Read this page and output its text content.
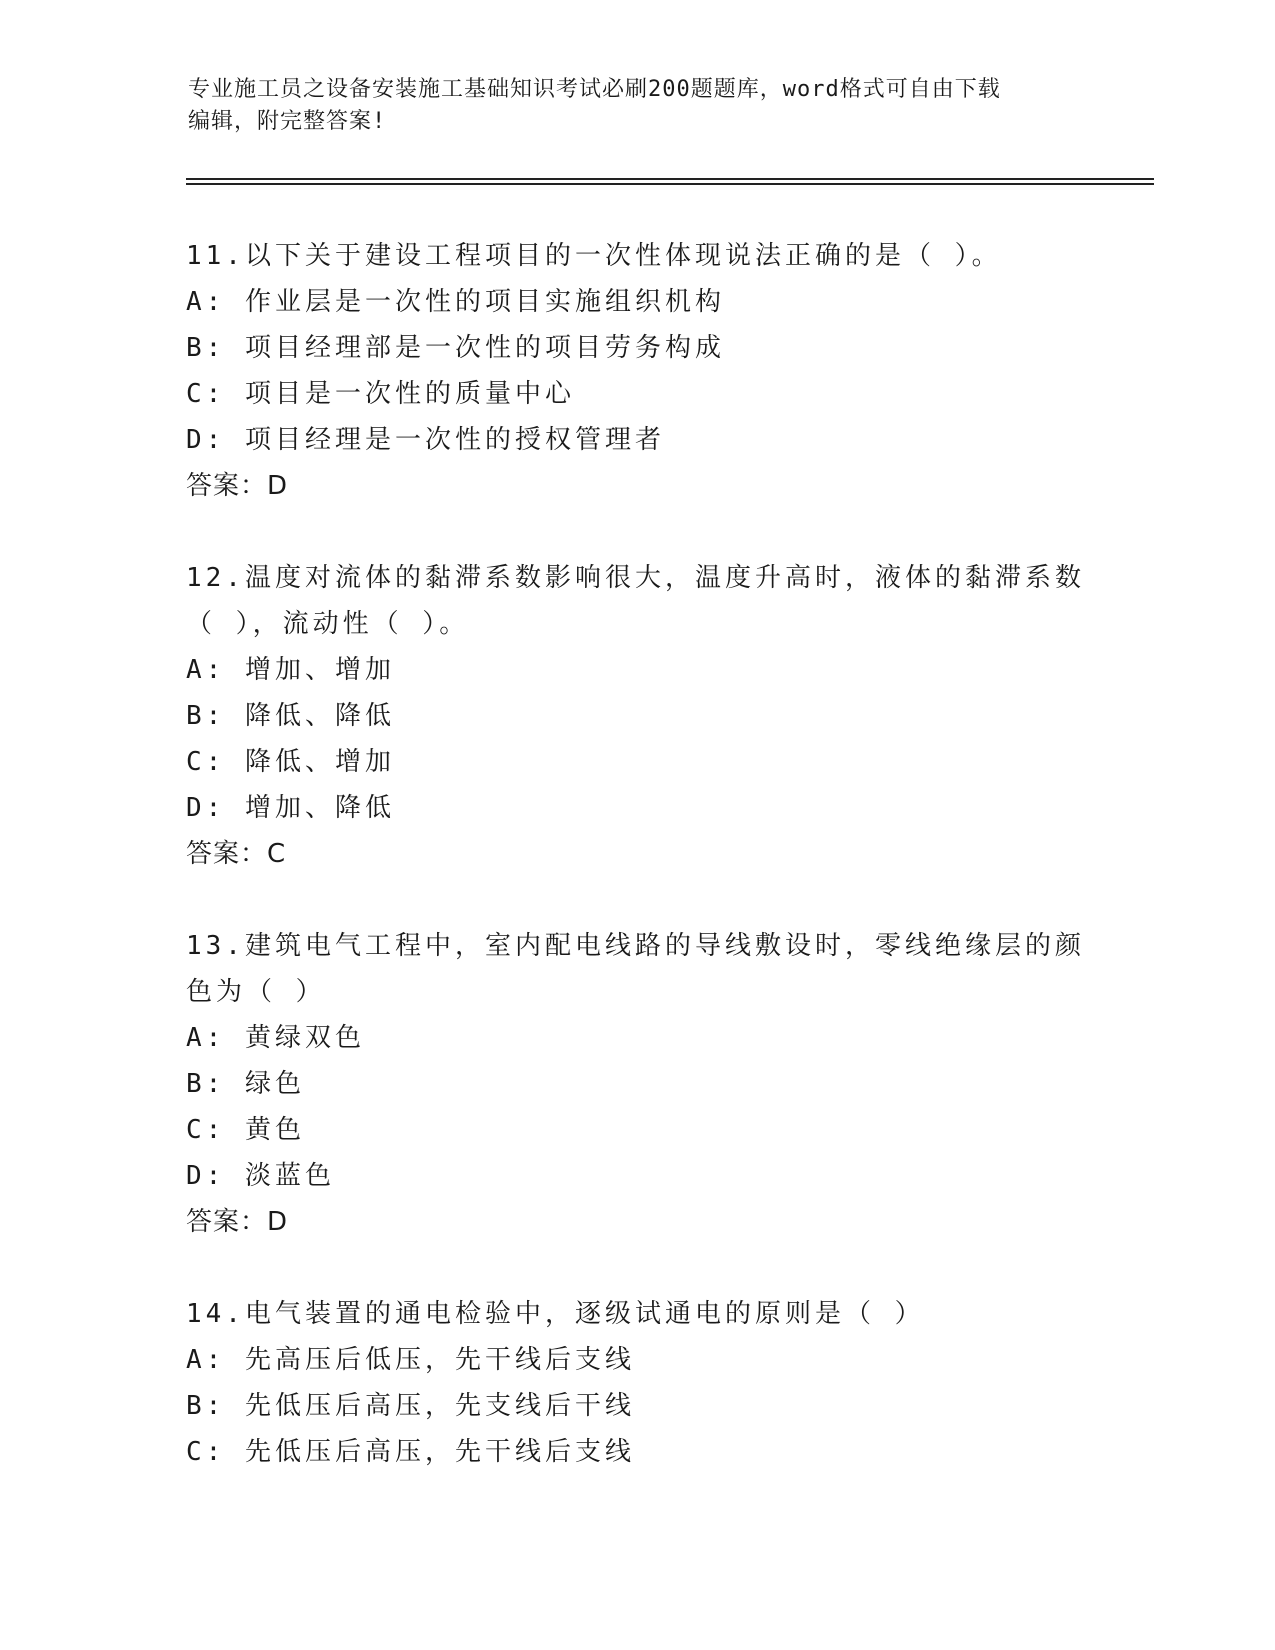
专业施工员之设备安装施工基础知识考试必刷200题题库，word格式可自由下载
编辑，附完整答案!
11.以下关于建设工程项目的一次性体现说法正确的是（ ）。
A: 作业层是一次性的项目实施组织机构
B: 项目经理部是一次性的项目劳务构成
C: 项目是一次性的质量中心
D: 项目经理是一次性的授权管理者
答案：D
12.温度对流体的黏滞系数影响很大，温度升高时，液体的黏滞系数（ ），流动性（ ）。
A: 增加、增加
B: 降低、降低
C: 降低、增加
D: 增加、降低
答案：C
13.建筑电气工程中，室内配电线路的导线敷设时，零线绝缘层的颜色为（ ）
A: 黄绿双色
B: 绿色
C: 黄色
D: 淡蓝色
答案：D
14.电气装置的通电检验中，逐级试通电的原则是（ ）
A: 先高压后低压，先干线后支线
B: 先低压后高压，先支线后干线
C: 先低压后高压，先干线后支线
